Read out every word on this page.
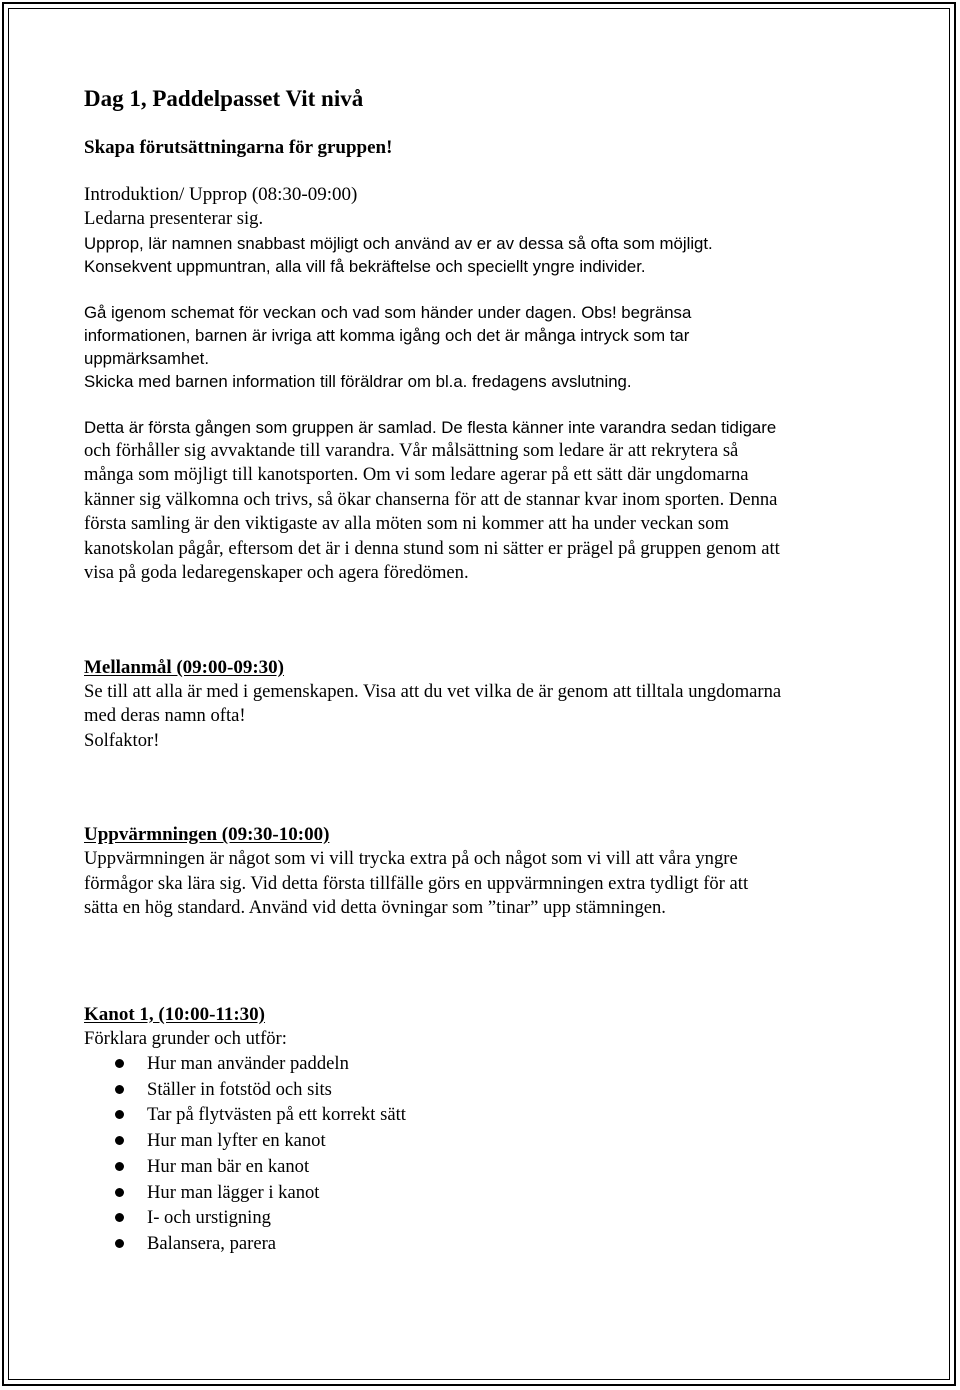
Dag 1, Paddelpasset Vit nivå
Skapa förutsättningarna för gruppen!
Introduktion/ Upprop (08:30-09:00)

Ledarna presenterar sig.

Upprop, lär namnen snabbast möjligt och använd av er av dessa så ofta som möjligt.

Konsekvent uppmuntran, alla vill få bekräftelse och speciellt yngre individer.

Gå igenom schemat för veckan och vad som händer under dagen. Obs! begränsa

informationen, barnen är ivriga att komma igång och det är många intryck som tar

uppmärksamhet.

Skicka med barnen information till föräldrar om bl.a. fredagens avslutning.

Detta är första gången som gruppen är samlad. De flesta känner inte varandra sedan tidigare

och förhåller sig avvaktande till varandra. Vår målsättning som ledare är att rekrytera så

många som möjligt till kanotsporten. Om vi som ledare agerar på ett sätt där ungdomarna

känner sig välkomna och trivs, så ökar chanserna för att de stannar kvar inom sporten. Denna

första samling är den viktigaste av alla möten som ni kommer att ha under veckan som

kanotskolan pågår, eftersom det är i denna stund som ni sätter er prägel på gruppen genom att

visa på goda ledaregenskaper och agera föredömen.

Mellanmål (09:00-09:30)

Se till att alla är med i gemenskapen. Visa att du vet vilka de är genom att tilltala ungdomarna

med deras namn ofta!

Solfaktor!

Uppvärmningen (09:30-10:00)

Uppvärmningen är något som vi vill trycka extra på och något som vi vill att våra yngre

förmågor ska lära sig. Vid detta första tillfälle görs en uppvärmningen extra tydligt för att

sätta en hög standard. Använd vid detta övningar som ”tinar” upp stämningen.

Kanot 1, (10:00-11:30)

Förklara grunder och utför:

Hur man använder paddeln
Ställer in fotstöd och sits
Tar på flytvästen på ett korrekt sätt
Hur man lyfter en kanot
Hur man bär en kanot
Hur man lägger i kanot
I- och urstigning
Balansera, parera
